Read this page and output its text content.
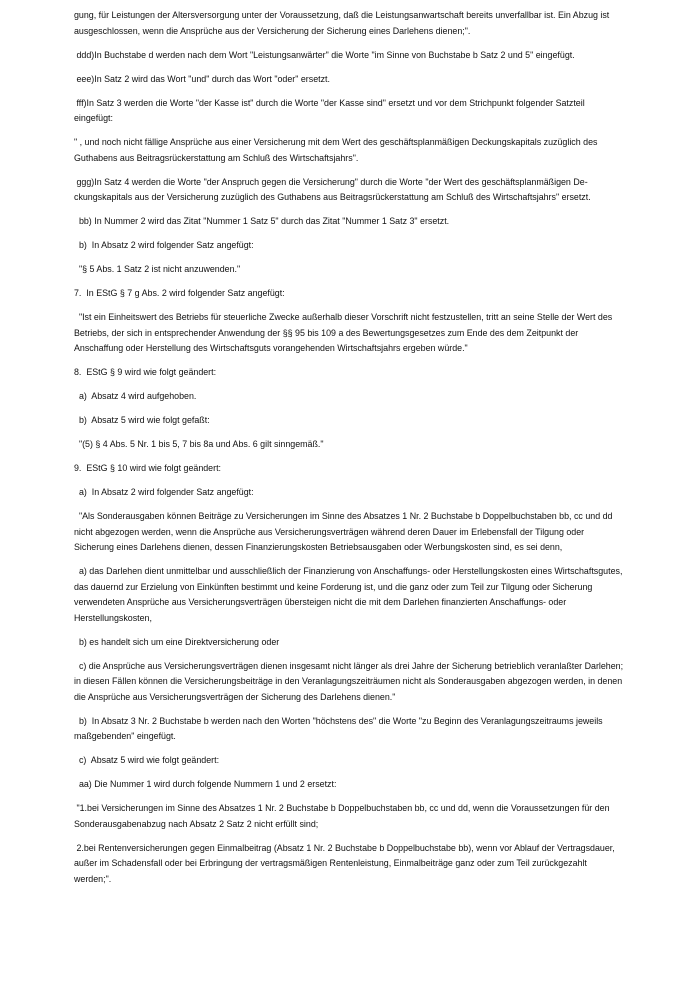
gung, für Leistungen der Altersversorgung unter der Voraussetzung, daß die Leistungsanwartschaft bereits unverfallbar ist. Ein Abzug ist ausgeschlossen, wenn die Ansprüche aus der Versicherung der Sicherung eines Darlehens dienen;".

ddd)In Buchstabe d werden nach dem Wort "Leistungsanwärter" die Worte "im Sinne von Buchstabe b Satz 2 und 5" eingefügt.

eee)In Satz 2 wird das Wort "und" durch das Wort "oder" ersetzt.

fff)In Satz 3 werden die Worte "der Kasse ist" durch die Worte "der Kasse sind" ersetzt und vor dem Strichpunkt folgender Satzteil eingefügt:

" , und noch nicht fällige Ansprüche aus einer Versicherung mit dem Wert des geschäftsplanmäßigen Deckungskapitals zuzüglich des Guthabens aus Beitragsrückerstattung am Schluß des Wirtschaftsjahrs".

ggg)In Satz 4 werden die Worte "der Anspruch gegen die Versicherung" durch die Worte "der Wert des geschäftsplanmäßigen Deckungskapitals aus der Versicherung zuzüglich des Guthabens aus Beitragsrückerstattung am Schluß des Wirtschaftsjahrs" ersetzt.

bb) In Nummer 2 wird das Zitat "Nummer 1 Satz 5" durch das Zitat "Nummer 1 Satz 3" ersetzt.

b)  In Absatz 2 wird folgender Satz angefügt:

"§ 5 Abs. 1 Satz 2 ist nicht anzuwenden."

7.  In EStG § 7 g Abs. 2 wird folgender Satz angefügt:

"Ist ein Einheitswert des Betriebs für steuerliche Zwecke außerhalb dieser Vorschrift nicht festzustellen, tritt an seine Stelle der Wert des Betriebs, der sich in entsprechender Anwendung der §§ 95 bis 109 a des Bewertungsgesetzes zum Ende des dem Zeitpunkt der Anschaffung oder Herstellung des Wirtschaftsguts vorangehenden Wirtschaftsjahrs ergeben würde."

8.  EStG § 9 wird wie folgt geändert:

a)  Absatz 4 wird aufgehoben.

b)  Absatz 5 wird wie folgt gefaßt:

"(5) § 4 Abs. 5 Nr. 1 bis 5, 7 bis 8a und Abs. 6 gilt sinngemäß."

9.  EStG § 10 wird wie folgt geändert:

a)  In Absatz 2 wird folgender Satz angefügt:

"Als Sonderausgaben können Beiträge zu Versicherungen im Sinne des Absatzes 1 Nr. 2 Buchstabe b Doppelbuchstaben bb, cc und dd nicht abgezogen werden, wenn die Ansprüche aus Versicherungsverträgen während deren Dauer im Erlebensfall der Tilgung oder Sicherung eines Darlehens dienen, dessen Finanzierungskosten Betriebsausgaben oder Werbungskosten sind, es sei denn,

a) das Darlehen dient unmittelbar und ausschließlich der Finanzierung von Anschaffungs- oder Herstellungskosten eines Wirtschaftsgutes, das dauernd zur Erzielung von Einkünften bestimmt und keine Forderung ist, und die ganz oder zum Teil zur Tilgung oder Sicherung verwendeten Ansprüche aus Versicherungsverträgen übersteigen nicht die mit dem Darlehen finanzierten Anschaffungs- oder Herstellungskosten,

b) es handelt sich um eine Direktversicherung oder

c) die Ansprüche aus Versicherungsverträgen dienen insgesamt nicht länger als drei Jahre der Sicherung betrieblich veranlaßter Darlehen; in diesen Fällen können die Versicherungsbeiträge in den Veranlagungszeiträumen nicht als Sonderausgaben abgezogen werden, in denen die Ansprüche aus Versicherungsverträgen der Sicherung des Darlehens dienen."

b)  In Absatz 3 Nr. 2 Buchstabe b werden nach den Worten "höchstens des" die Worte "zu Beginn des Veranlagungszeitraums jeweils maßgebenden" eingefügt.

c)  Absatz 5 wird wie folgt geändert:

aa) Die Nummer 1 wird durch folgende Nummern 1 und 2 ersetzt:

"1.bei Versicherungen im Sinne des Absatzes 1 Nr. 2 Buchstabe b Doppelbuchstaben bb, cc und dd, wenn die Voraussetzungen für den Sonderausgabenabzug nach Absatz 2 Satz 2 nicht erfüllt sind;

2.bei Rentenversicherungen gegen Einmalbeitrag (Absatz 1 Nr. 2 Buchstabe b Doppelbuchstabe bb), wenn vor Ablauf der Vertragsdauer, außer im Schadensfall oder bei Erbringung der vertragsmäßigen Rentenleistung, Einmalbeiträge ganz oder zum Teil zurückgezahlt werden;".
